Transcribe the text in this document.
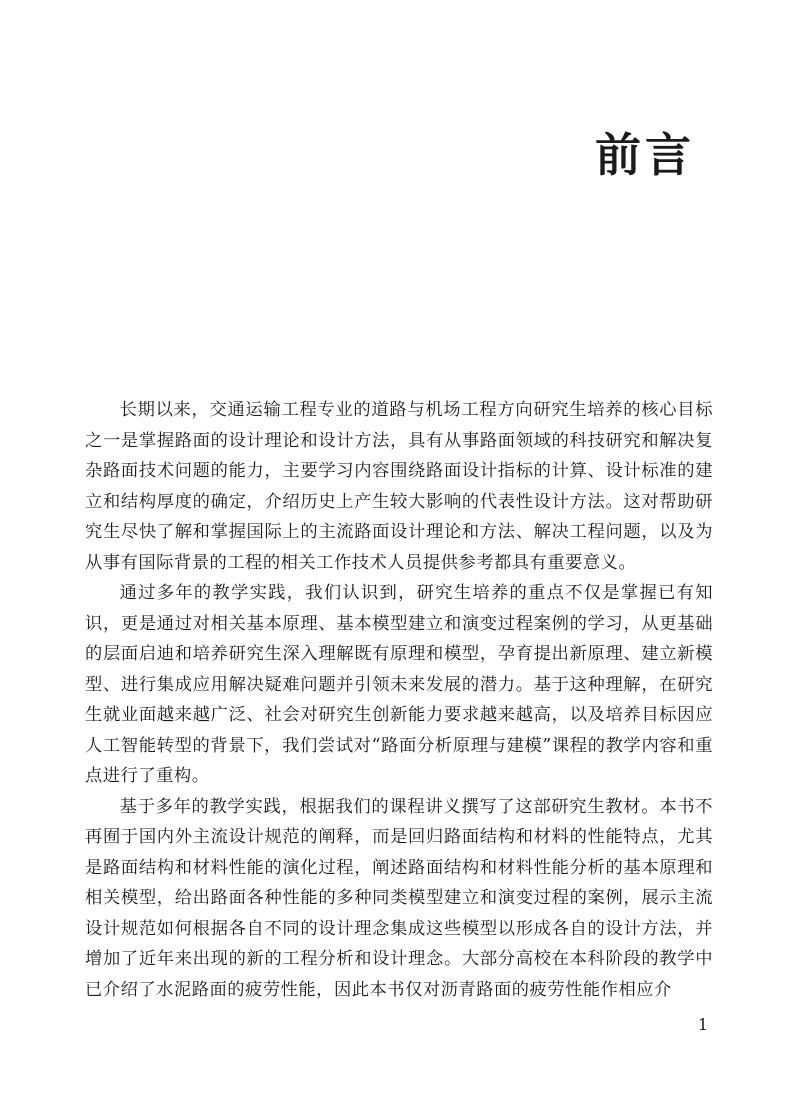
前言

长期以来，交通运输工程专业的道路与机场工程方向研究生培养的核心目标之一是掌握路面的设计理论和设计方法，具有从事路面领域的科技研究和解决复杂路面技术问题的能力，主要学习内容围绕路面设计指标的计算、设计标准的建立和结构厚度的确定，介绍历史上产生较大影响的代表性设计方法。这对帮助研究生尽快了解和掌握国际上的主流路面设计理论和方法、解决工程问题，以及为从事有国际背景的工程的相关工作技术人员提供参考都具有重要意义。

通过多年的教学实践，我们认识到，研究生培养的重点不仅是掌握已有知识，更是通过对相关基本原理、基本模型建立和演变过程案例的学习，从更基础的层面启迪和培养研究生深入理解既有原理和模型，孕育提出新原理、建立新模型、进行集成应用解决疑难问题并引领未来发展的潜力。基于这种理解，在研究生就业面越来越广泛、社会对研究生创新能力要求越来越高，以及培养目标因应人工智能转型的背景下，我们尝试对“路面分析原理与建模”课程的教学内容和重点进行了重构。

基于多年的教学实践，根据我们的课程讲义撰写了这部研究生教材。本书不再囿于国内外主流设计规范的阐释，而是回归路面结构和材料的性能特点，尤其是路面结构和材料性能的演化过程，阐述路面结构和材料性能分析的基本原理和相关模型，给出路面各种性能的多种同类模型建立和演变过程的案例，展示主流设计规范如何根据各自不同的设计理念集成这些模型以形成各自的设计方法，并增加了近年来出现的新的工程分析和设计理念。大部分高校在本科阶段的教学中已介绍了水泥路面的疲劳性能，因此本书仅对沥青路面的疲劳性能作相应介

1
